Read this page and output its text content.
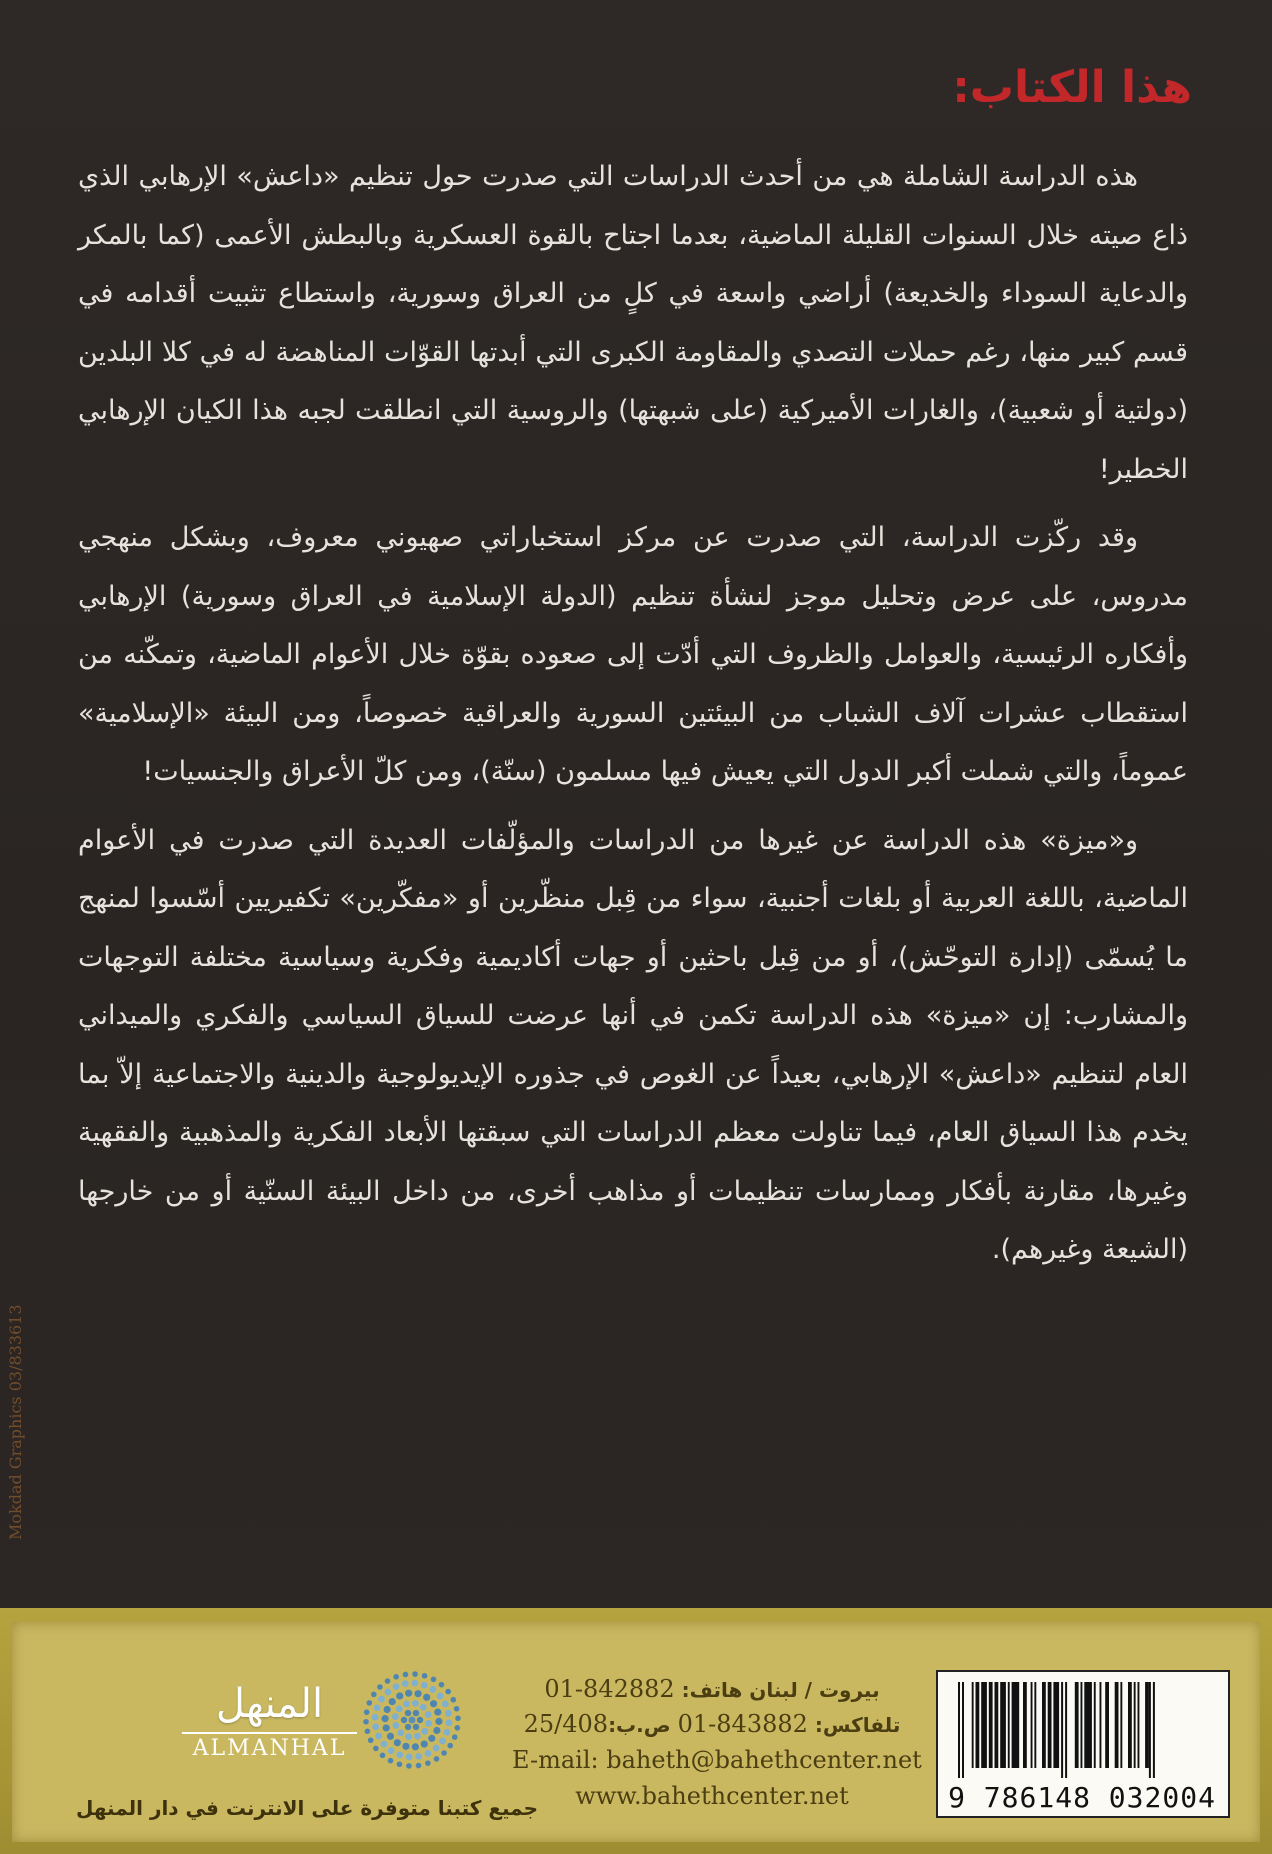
هذا الكتاب:

هذه الدراسة الشاملة هي من أحدث الدراسات التي صدرت حول تنظيم «داعش» الإرهابي الذي ذاع صيته خلال السنوات القليلة الماضية، بعدما اجتاح بالقوة العسكرية وبالبطش الأعمى (كما بالمكر والدعاية السوداء والخديعة) أراضي واسعة في كلٍ من العراق وسورية، واستطاع تثبيت أقدامه في قسم كبير منها، رغم حملات التصدي والمقاومة الكبرى التي أبدتها القوّات المناهضة له في كلا البلدين (دولتية أو شعبية)، والغارات الأميركية (على شبهتها) والروسية التي انطلقت لجبه هذا الكيان الإرهابي الخطير!

وقد ركّزت الدراسة، التي صدرت عن مركز استخباراتي صهيوني معروف، وبشكل منهجي مدروس، على عرض وتحليل موجز لنشأة تنظيم (الدولة الإسلامية في العراق وسورية) الإرهابي وأفكاره الرئيسية، والعوامل والظروف التي أدّت إلى صعوده بقوّة خلال الأعوام الماضية، وتمكّنه من استقطاب عشرات آلاف الشباب من البيئتين السورية والعراقية خصوصاً، ومن البيئة «الإسلامية» عموماً، والتي شملت أكبر الدول التي يعيش فيها مسلمون (سنّة)، ومن كلّ الأعراق والجنسيات!

و«ميزة» هذه الدراسة عن غيرها من الدراسات والمؤلّفات العديدة التي صدرت في الأعوام الماضية، باللغة العربية أو بلغات أجنبية، سواء من قِبل منظّرين أو «مفكّرين» تكفيريين أسّسوا لمنهج ما يُسمّى (إدارة التوحّش)، أو من قِبل باحثين أو جهات أكاديمية وفكرية وسياسية مختلفة التوجهات والمشارب: إن «ميزة» هذه الدراسة تكمن في أنها عرضت للسياق السياسي والفكري والميداني العام لتنظيم «داعش» الإرهابي، بعيداً عن الغوص في جذوره الإيديولوجية والدينية والاجتماعية إلاّ بما يخدم هذا السياق العام، فيما تناولت معظم الدراسات التي سبقتها الأبعاد الفكرية والمذهبية والفقهية وغيرها، مقارنة بأفكار وممارسات تنظيمات أو مذاهب أخرى، من داخل البيئة السنّية أو من خارجها (الشيعة وغيرهم).

Mokdad Graphics 03/833613
المنهل
ALMANHAL
جميع كتبنا متوفرة على الانترنت في دار المنهل
بيروت / لبنان هاتف: 01-842882
تلفاكس: 01-843882 ص.ب:25/408
E-mail: baheth@bahethcenter.net
www.bahethcenter.net	9 786148 032004
